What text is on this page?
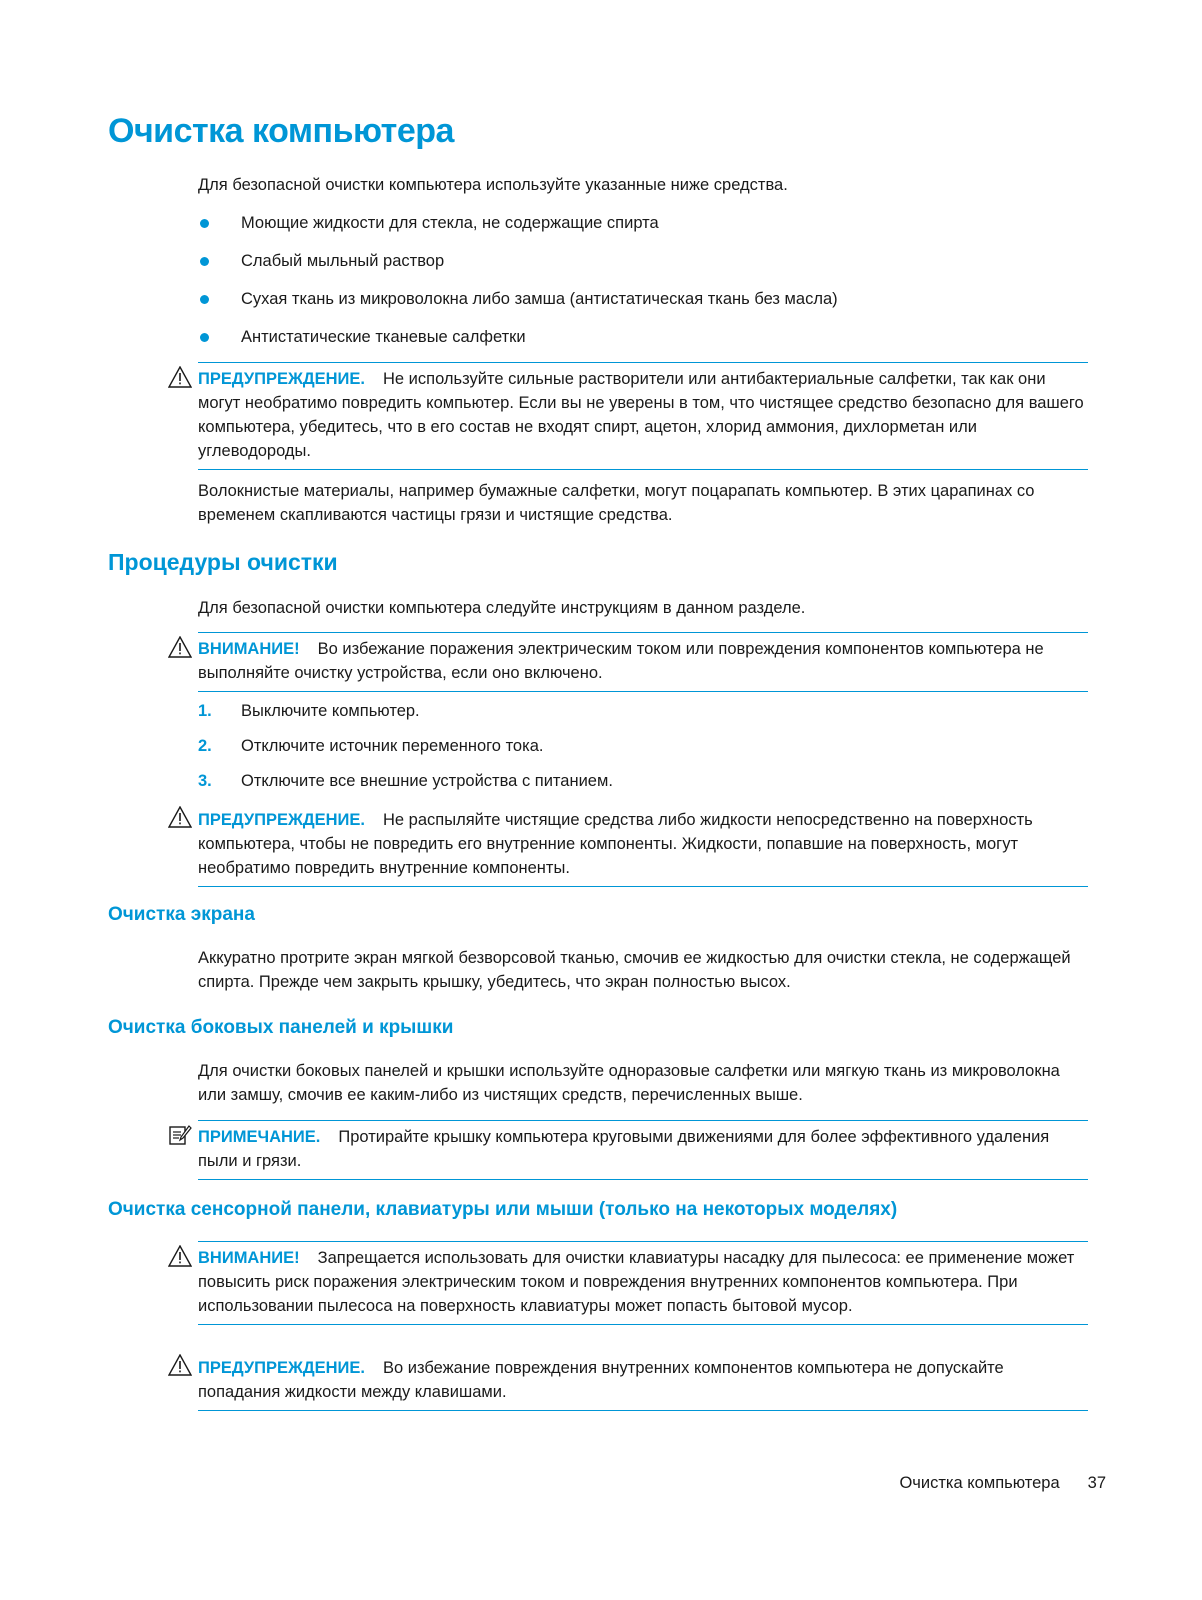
Очистка компьютера
Для безопасной очистки компьютера используйте указанные ниже средства.
Моющие жидкости для стекла, не содержащие спирта
Слабый мыльный раствор
Сухая ткань из микроволокна либо замша (антистатическая ткань без масла)
Антистатические тканевые салфетки
ПРЕДУПРЕЖДЕНИЕ. Не используйте сильные растворители или антибактериальные салфетки, так как они могут необратимо повредить компьютер. Если вы не уверены в том, что чистящее средство безопасно для вашего компьютера, убедитесь, что в его состав не входят спирт, ацетон, хлорид аммония, дихлорметан или углеводороды.
Волокнистые материалы, например бумажные салфетки, могут поцарапать компьютер. В этих царапинах со временем скапливаются частицы грязи и чистящие средства.
Процедуры очистки
Для безопасной очистки компьютера следуйте инструкциям в данном разделе.
ВНИМАНИЕ! Во избежание поражения электрическим током или повреждения компонентов компьютера не выполняйте очистку устройства, если оно включено.
1. Выключите компьютер.
2. Отключите источник переменного тока.
3. Отключите все внешние устройства с питанием.
ПРЕДУПРЕЖДЕНИЕ. Не распыляйте чистящие средства либо жидкости непосредственно на поверхность компьютера, чтобы не повредить его внутренние компоненты. Жидкости, попавшие на поверхность, могут необратимо повредить внутренние компоненты.
Очистка экрана
Аккуратно протрите экран мягкой безворсовой тканью, смочив ее жидкостью для очистки стекла, не содержащей спирта. Прежде чем закрыть крышку, убедитесь, что экран полностью высох.
Очистка боковых панелей и крышки
Для очистки боковых панелей и крышки используйте одноразовые салфетки или мягкую ткань из микроволокна или замшу, смочив ее каким-либо из чистящих средств, перечисленных выше.
ПРИМЕЧАНИЕ. Протирайте крышку компьютера круговыми движениями для более эффективного удаления пыли и грязи.
Очистка сенсорной панели, клавиатуры или мыши (только на некоторых моделях)
ВНИМАНИЕ! Запрещается использовать для очистки клавиатуры насадку для пылесоса: ее применение может повысить риск поражения электрическим током и повреждения внутренних компонентов компьютера. При использовании пылесоса на поверхность клавиатуры может попасть бытовой мусор.
ПРЕДУПРЕЖДЕНИЕ. Во избежание повреждения внутренних компонентов компьютера не допускайте попадания жидкости между клавишами.
Очистка компьютера 37
